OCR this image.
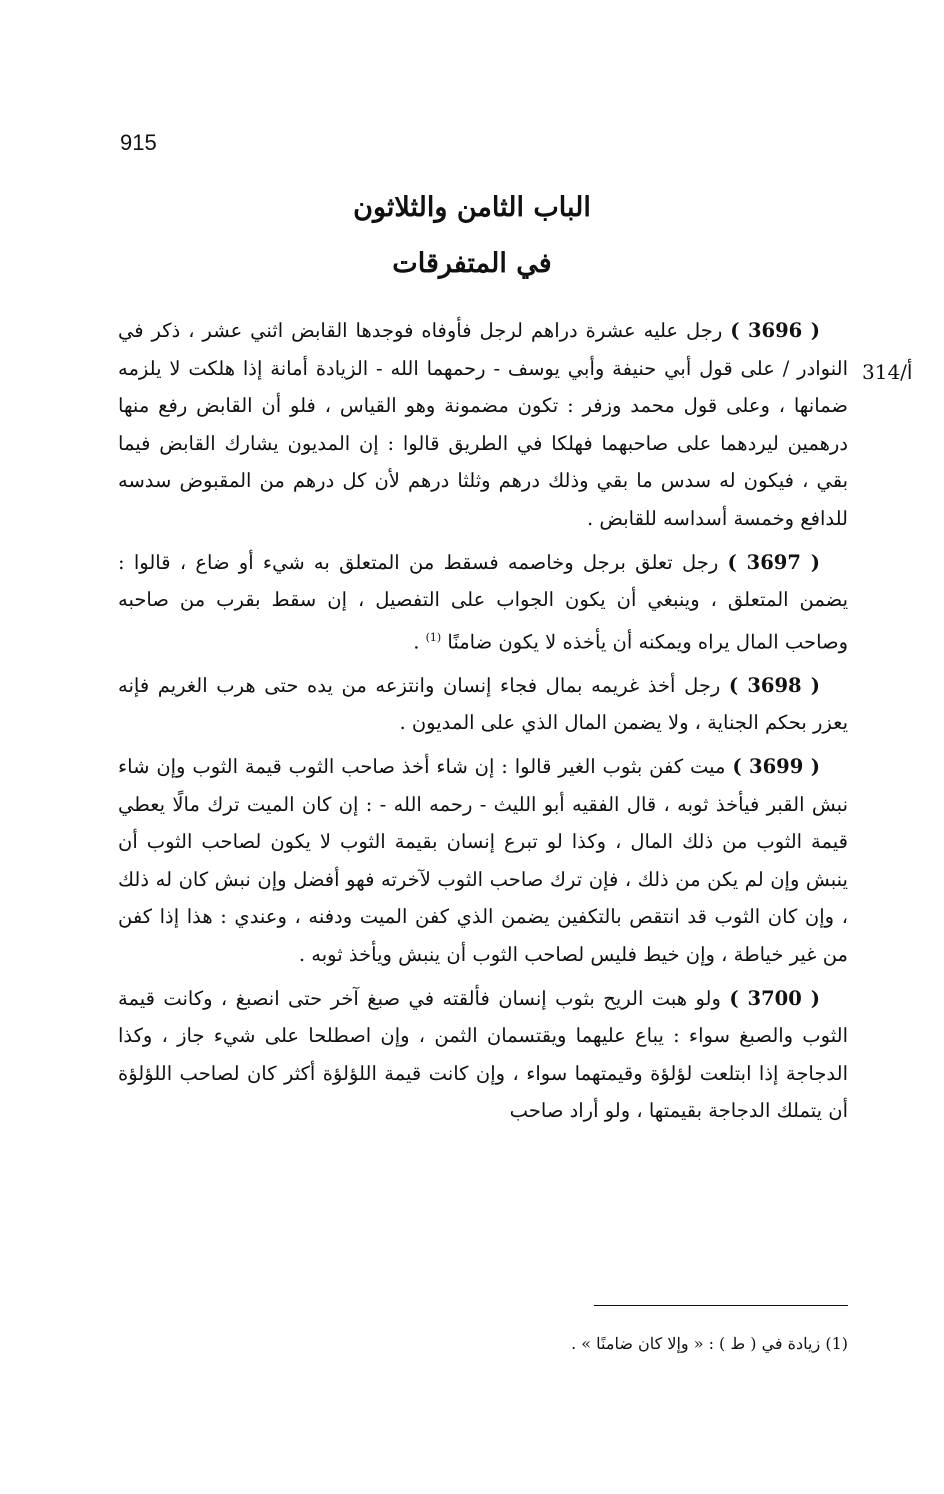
915
الباب الثامن والثلاثون
في المتفرقات
314/أ

( 3696 ) رجل عليه عشرة دراهم لرجل فأوفاه فوجدها القابض اثني عشر ، ذكر في النوادر / على قول أبي حنيفة وأبي يوسف - رحمهما الله - الزيادة أمانة إذا هلكت لا يلزمه ضمانها ، وعلى قول محمد وزفر : تكون مضمونة وهو القياس ، فلو أن القابض رفع منها درهمين ليردهما على صاحبهما فهلكا في الطريق قالوا : إن المديون يشارك القابض فيما بقي ، فيكون له سدس ما بقي وذلك درهم وثلثا درهم لأن كل درهم من المقبوض سدسه للدافع وخمسة أسداسه للقابض .

( 3697 ) رجل تعلق برجل وخاصمه فسقط من المتعلق به شيء أو ضاع ، قالوا : يضمن المتعلق ، وينبغي أن يكون الجواب على التفصيل ، إن سقط بقرب من صاحبه وصاحب المال يراه ويمكنه أن يأخذه لا يكون ضامنًا $^{(1)}$ .

( 3698 ) رجل أخذ غريمه بمال فجاء إنسان وانتزعه من يده حتى هرب الغريم فإنه يعزر بحكم الجناية ، ولا يضمن المال الذي على المديون .

( 3699 ) ميت كفن بثوب الغير قالوا : إن شاء أخذ صاحب الثوب قيمة الثوب وإن شاء نبش القبر فيأخذ ثوبه ، قال الفقيه أبو الليث - رحمه الله - : إن كان الميت ترك مالًا يعطي قيمة الثوب من ذلك المال ، وكذا لو تبرع إنسان بقيمة الثوب لا يكون لصاحب الثوب أن ينبش وإن لم يكن من ذلك ، فإن ترك صاحب الثوب لآخرته فهو أفضل وإن نبش كان له ذلك ، وإن كان الثوب قد انتقص بالتكفين يضمن الذي كفن الميت ودفنه ، وعندي : هذا إذا كفن من غير خياطة ، وإن خيط فليس لصاحب الثوب أن ينبش ويأخذ ثوبه .

( 3700 ) ولو هبت الريح بثوب إنسان فألقته في صبغ آخر حتى انصبغ ، وكانت قيمة الثوب والصبغ سواء : يباع عليهما ويقتسمان الثمن ، وإن اصطلحا على شيء جاز ، وكذا الدجاجة إذا ابتلعت لؤلؤة وقيمتهما سواء ، وإن كانت قيمة اللؤلؤة أكثر كان لصاحب اللؤلؤة أن يتملك الدجاجة بقيمتها ، ولو أراد صاحب

(1) زيادة في ( ط ) : « وإلا كان ضامنًا » .
